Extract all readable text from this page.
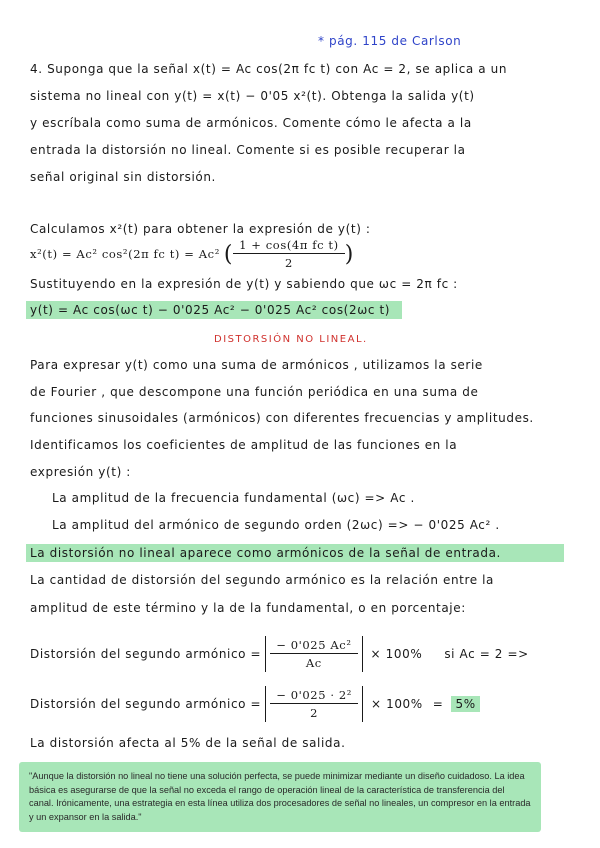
* pág. 115 de Carlson
4. Suponga que la señal x(t) = Ac cos(2π fc t) con Ac = 2, se aplica a un
sistema no lineal con y(t) = x(t) − 0'05 x²(t). Obtenga la salida y(t)
y escríbala como suma de armónicos. Comente cómo le afecta a la
entrada la distorsión no lineal. Comente si es posible recuperar la
señal original sin distorsión.
Calculamos x²(t) para obtener la expresión de y(t) :
x²(t) = Ac² cos²(2π fc t) = Ac² ( $\frac{\text{1 + cos(4π fc t)}}{2}$ )
Sustituyendo en la expresión de y(t) y sabiendo que ωc = 2π fc :
y(t) = Ac cos(ωc t) − 0'025 Ac² − 0'025 Ac² cos(2ωc t)
DISTORSIÓN NO LINEAL.
Para expresar y(t) como una suma de armónicos , utilizamos la serie
de Fourier , que descompone una función periódica en una suma de
funciones sinusoidales (armónicos) con diferentes frecuencias y amplitudes.
Identificamos los coeficientes de amplitud de las funciones en la
expresión y(t) :
La amplitud de la frecuencia fundamental (ωc) => Ac .
La amplitud del armónico de segundo orden (2ωc) => − 0'025 Ac² .
La distorsión no lineal aparece como armónicos de la señal de entrada.
La cantidad de distorsión del segundo armónico es la relación entre la
amplitud de este término y la de la fundamental, o en porcentaje:
Distorsión del segundo armónico = $\frac{\text{− 0'025 Ac²}}{Ac} \times 100\%$ si Ac = 2 =>
Distorsión del segundo armónico = $\frac{\text{− 0'025 · 2²}}{2} \times 100\%$ =	5%
La distorsión afecta al 5% de la señal de salida.
"Aunque la distorsión no lineal no tiene una solución perfecta, se puede minimizar mediante un diseño cuidadoso. La idea básica es asegurarse de que la señal no exceda el rango de operación lineal de la característica de transferencia del canal. Irónicamente, una estrategia en esta línea utiliza dos procesadores de señal no lineales, un compresor en la entrada y un expansor en la salida."
